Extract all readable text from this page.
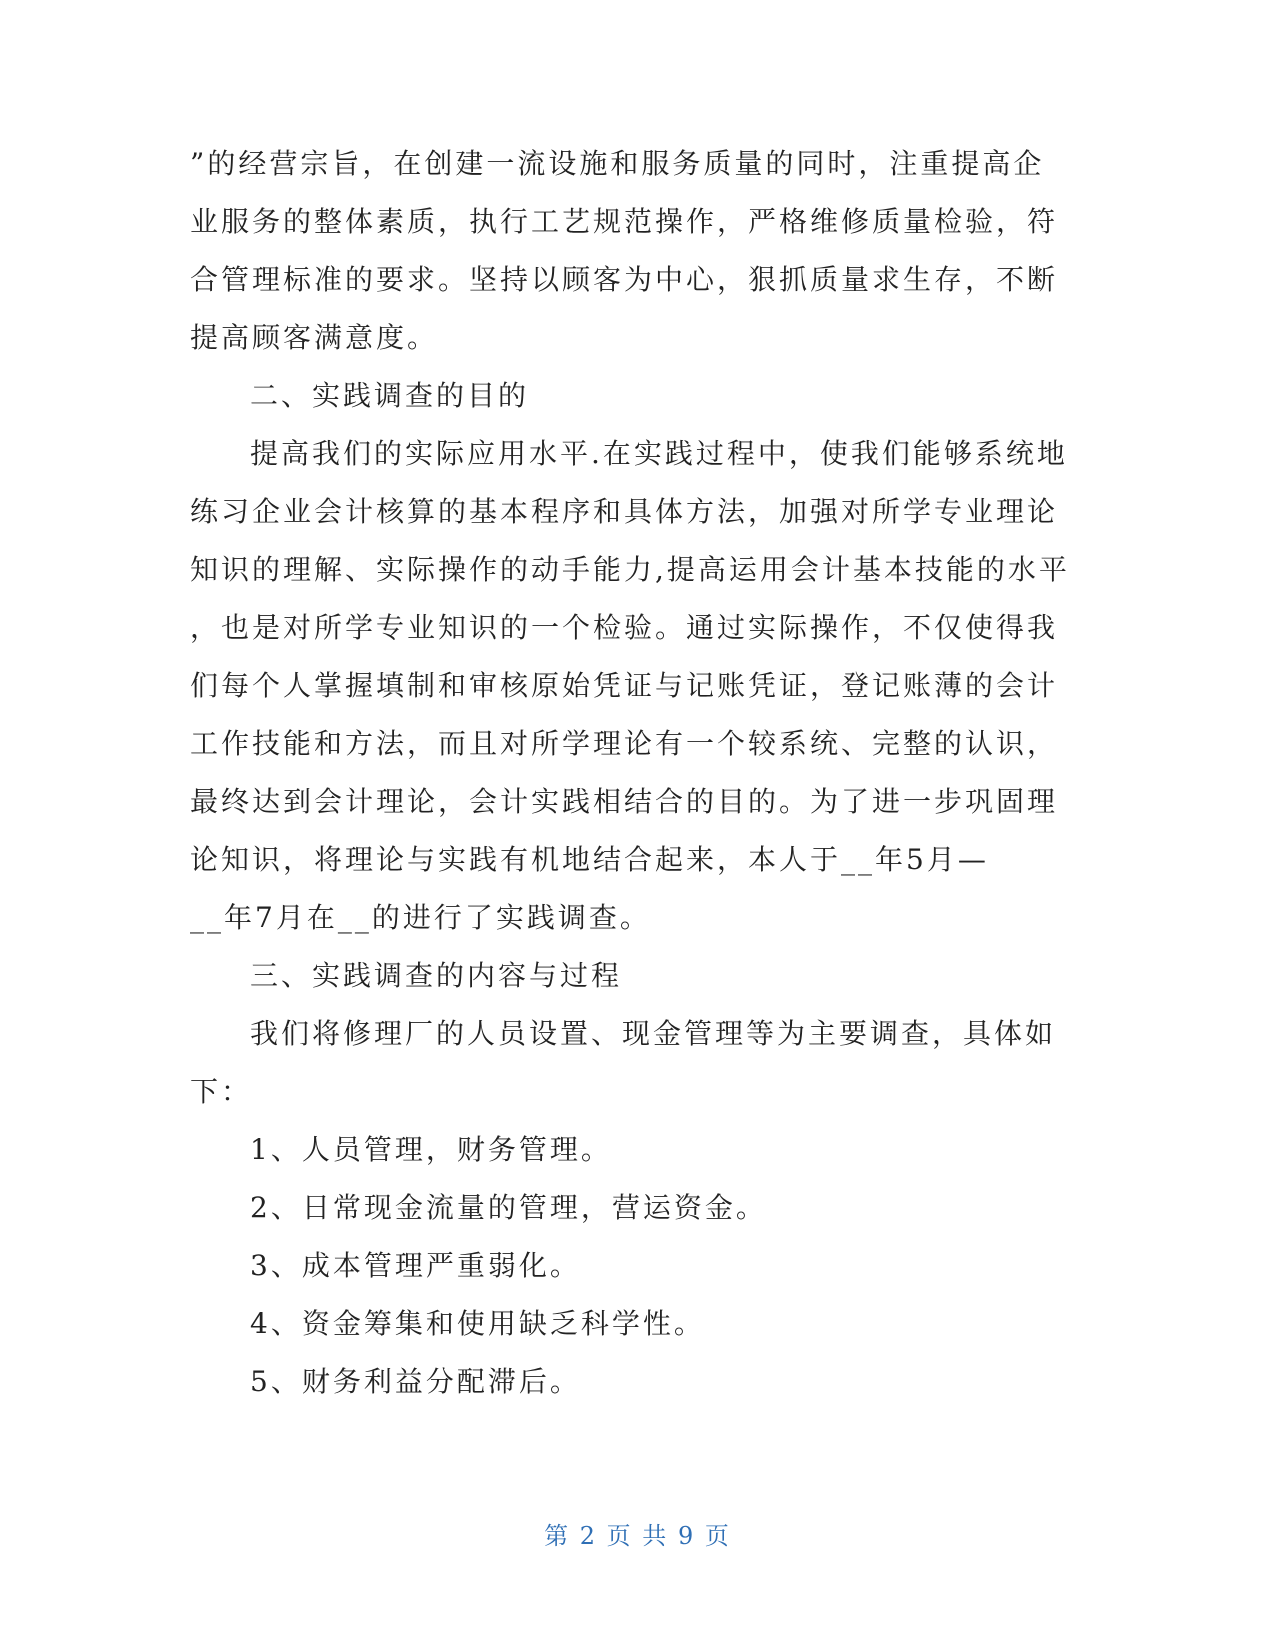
”的经营宗旨，在创建一流设施和服务质量的同时，注重提高企
业服务的整体素质，执行工艺规范操作，严格维修质量检验，符
合管理标准的要求。坚持以顾客为中心，狠抓质量求生存，不断
提高顾客满意度。
二、实践调查的目的
提高我们的实际应用水平.在实践过程中，使我们能够系统地
练习企业会计核算的基本程序和具体方法，加强对所学专业理论
知识的理解、实际操作的动手能力,提高运用会计基本技能的水平
，也是对所学专业知识的一个检验。通过实际操作，不仅使得我
们每个人掌握填制和审核原始凭证与记账凭证，登记账薄的会计
工作技能和方法，而且对所学理论有一个较系统、完整的认识，
最终达到会计理论，会计实践相结合的目的。为了进一步巩固理
论知识，将理论与实践有机地结合起来，本人于__年5月—
__年7月在__的进行了实践调查。
三、实践调查的内容与过程
我们将修理厂的人员设置、现金管理等为主要调查，具体如
下：
1、人员管理，财务管理。
2、日常现金流量的管理，营运资金。
3、成本管理严重弱化。
4、资金筹集和使用缺乏科学性。
5、财务利益分配滞后。
第 2 页 共 9 页
